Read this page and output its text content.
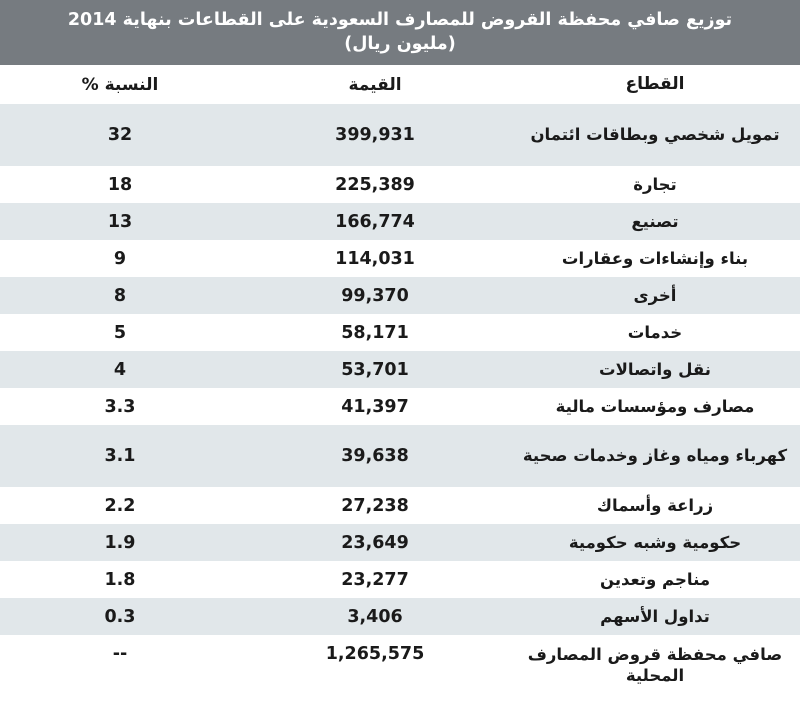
توزيع صافي محفظة القروض للمصارف السعودية على القطاعات بنهاية 2014 (مليون ريال)
القطاع
القيمة
النسبة %
تمويل شخصي وبطاقات ائتمان
399,931
32
تجارة
225,389
18
تصنيع
166,774
13
بناء وإنشاءات وعقارات
114,031
9
أخرى
99,370
8
خدمات
58,171
5
نقل واتصالات
53,701
4
مصارف ومؤسسات مالية
41,397
3.3
كهرباء ومياه وغاز وخدمات صحية
39,638
3.1
زراعة وأسماك
27,238
2.2
حكومية وشبه حكومية
23,649
1.9
مناجم وتعدين
23,277
1.8
تداول الأسهم
3,406
0.3
صافي محفظة قروض المصارف المحلية
1,265,575
--
